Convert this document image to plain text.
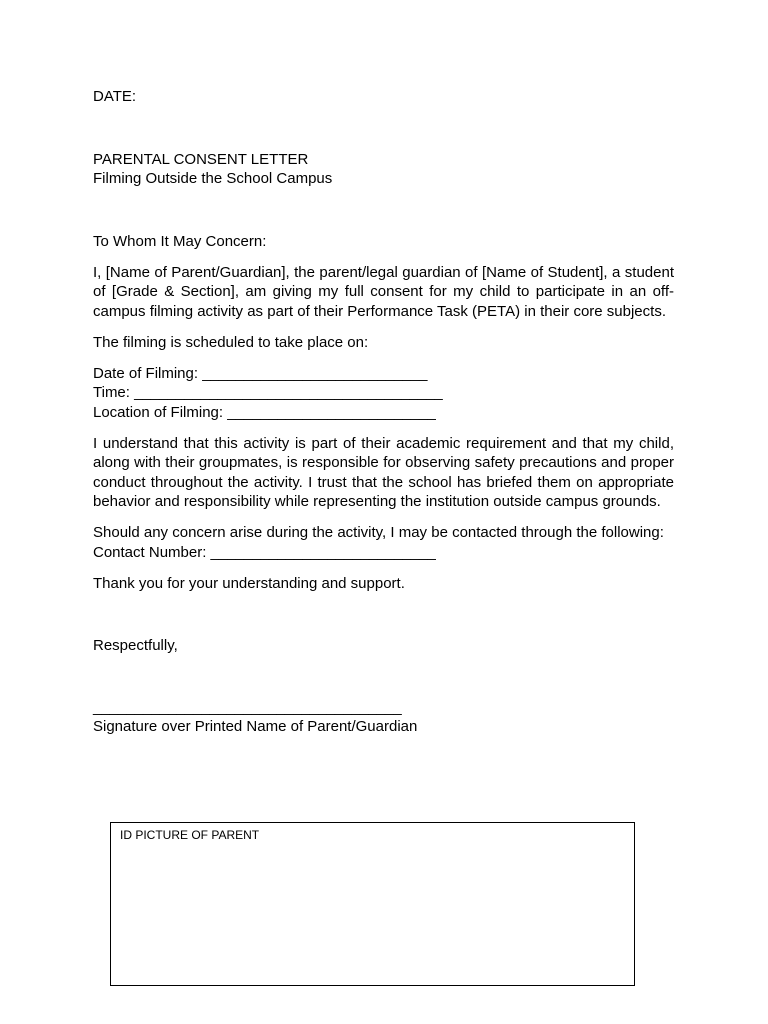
DATE:
PARENTAL CONSENT LETTER
Filming Outside the School Campus
To Whom It May Concern:

I, [Name of Parent/Guardian], the parent/legal guardian of [Name of Student], a student of [Grade & Section], am giving my full consent for my child to participate in an off-campus filming activity as part of their Performance Task (PETA) in their core subjects.

The filming is scheduled to take place on:
Date of Filming: ___________________________
Time: _____________________________________
Location of Filming: _________________________

I understand that this activity is part of their academic requirement and that my child, along with their groupmates, is responsible for observing safety precautions and proper conduct throughout the activity. I trust that the school has briefed them on appropriate behavior and responsibility while representing the institution outside campus grounds.

Should any concern arise during the activity, I may be contacted through the following:

Contact Number: ___________________________
Thank you for your understanding and support.
Respectfully,
_____________________________________
Signature over Printed Name of Parent/Guardian
ID PICTURE OF PARENT
